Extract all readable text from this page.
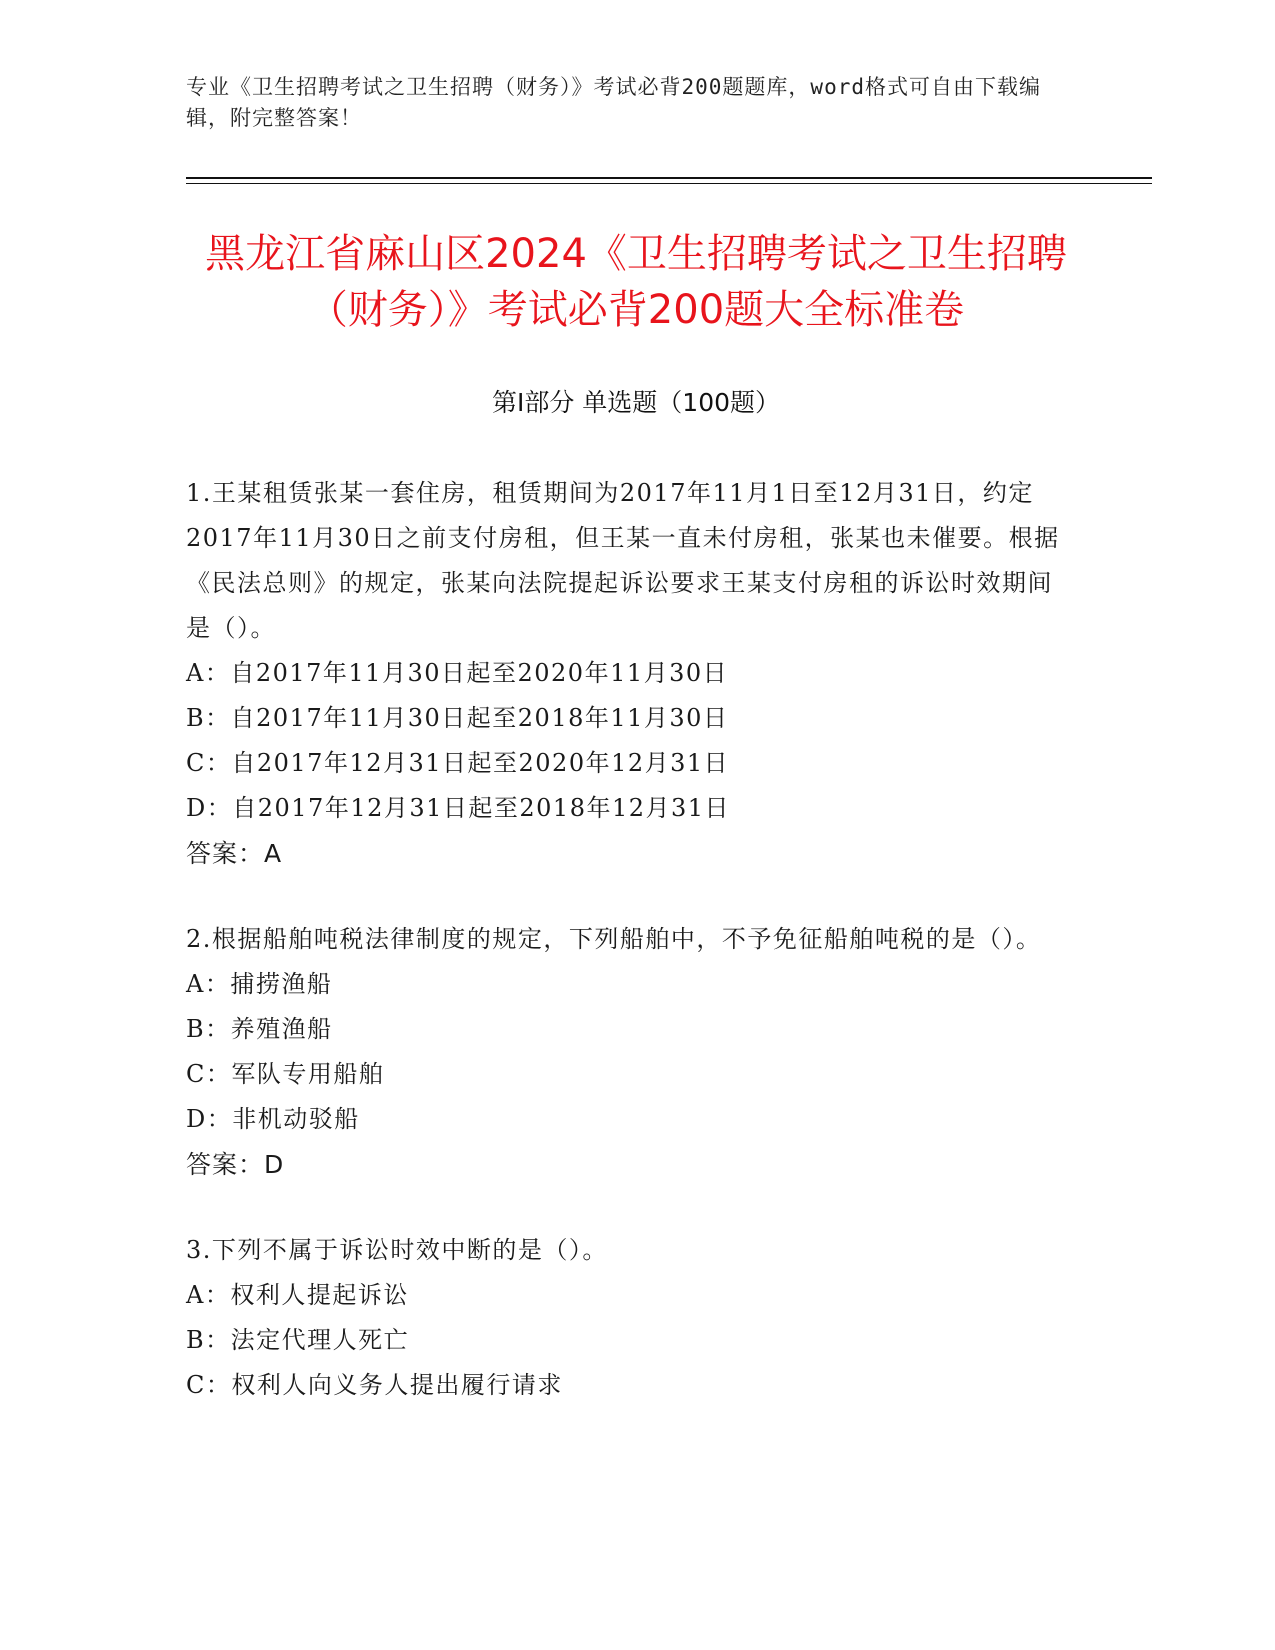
专业《卫生招聘考试之卫生招聘（财务）》考试必背200题题库，word格式可自由下载编辑，附完整答案！
黑龙江省麻山区2024《卫生招聘考试之卫生招聘（财务）》考试必背200题大全标准卷
第Ⅰ部分 单选题（100题）

1.王某租赁张某一套住房，租赁期间为2017年11月1日至12月31日，约定2017年11月30日之前支付房租，但王某一直未付房租，张某也未催要。根据《民法总则》的规定，张某向法院提起诉讼要求王某支付房租的诉讼时效期间是（）。

A：自2017年11月30日起至2020年11月30日

B：自2017年11月30日起至2018年11月30日

C：自2017年12月31日起至2020年12月31日

D：自2017年12月31日起至2018年12月31日

答案：A

2.根据船舶吨税法律制度的规定，下列船舶中，不予免征船舶吨税的是（）。

A：捕捞渔船

B：养殖渔船

C：军队专用船舶

D：非机动驳船

答案：D

3.下列不属于诉讼时效中断的是（）。

A：权利人提起诉讼

B：法定代理人死亡

C：权利人向义务人提出履行请求
